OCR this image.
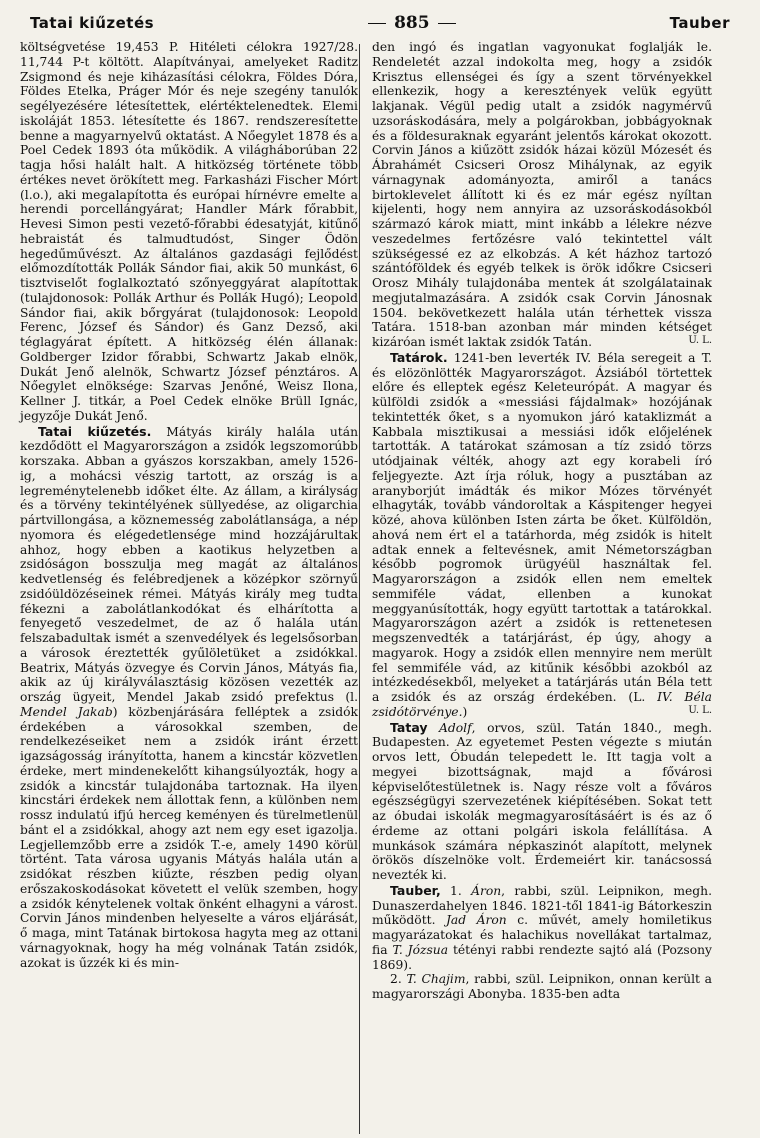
Tatai kiűzetés	885	Tauber

költségvetése 19,453 P. Hitéleti célokra 1927/28. 11,744 P-t költött. Alapítványai, amelyeket Raditz Zsigmond és neje kiházasítási célokra, Földes Dóra, Földes Etelka, Práger Mór és neje szegény tanulók segélyezésére létesítettek, elértéktelenedtek. Elemi iskoláját 1853. létesítette és 1867. rendszeresítette benne a magyarnyelvű oktatást. A Nőegylet 1878 és a Poel Cedek 1893 óta működik. A világháborúban 22 tagja hősi halált halt. A hitközség története több értékes nevet örökített meg. Farkasházi Fischer Mórt (l.o.), aki megalapította és európai hírnévre emelte a herendi porcellángyárat; Handler Márk főrabbit, Hevesi Simon pesti vezető-főrabbi édesatyját, kitűnő hebraistát és talmudtudóst, Singer Ödön hegedűművészt. Az általános gazdasági fejlődést előmozdították Pollák Sándor fiai, akik 50 munkást, 6 tisztviselőt foglalkoztató szőnyeggyárat alapítottak (tulajdonosok: Pollák Arthur és Pollák Hugó); Leopold Sándor fiai, akik bőrgyárat (tulajdonosok: Leopold Ferenc, József és Sándor) és Ganz Dezső, aki téglagyárat épített. A hitközség élén állanak: Goldberger Izidor főrabbi, Schwartz Jakab elnök, Dukát Jenő alelnök, Schwartz József pénztáros. A Nőegylet elnöksége: Szarvas Jenőné, Weisz Ilona, Kellner J. titkár, a Poel Cedek elnöke Brüll Ignác, jegyzője Dukát Jenő.

Tatai kiűzetés. Mátyás király halála után kezdődött el Magyarországon a zsidók legszomorúbb korszaka. Abban a gyászos korszakban, amely 1526-ig, a mohácsi vészig tartott, az ország is a legreménytelenebb időket élte. Az állam, a királyság és a törvény tekintélyének süllyedése, az oligarchia pártvillongása, a köznemesség zabolátlansága, a nép nyomora és elégedetlensége mind hozzájárultak ahhoz, hogy ebben a kaotikus helyzetben a zsidóságon bosszulja meg magát az általános kedvetlenség és felébredjenek a középkor szörnyű zsidóüldözéseinek rémei. Mátyás király meg tudta fékezni a zabolátlankodókat és elhárította a fenyegető veszedelmet, de az ő halála után felszabadultak ismét a szenvedélyek és legelsősorban a városok éreztették gyűlöletüket a zsidókkal. Beatrix, Mátyás özvegye és Corvin János, Mátyás fia, akik az új királyválasztásig közösen vezették az ország ügyeit, Mendel Jakab zsidó prefektus (l. Mendel Jakab) közbenjárására felléptek a zsidók érdekében a városokkal szemben, de rendelkezéseiket nem a zsidók iránt érzett igazságosság irányította, hanem a kincstár közvetlen érdeke, mert mindenekelőtt kihangsúlyozták, hogy a zsidók a kincstár tulajdonába tartoznak. Ha ilyen kincstári érdekek nem állottak fenn, a különben nem rossz indulatú ifjú herceg keményen és türelmetlenül bánt el a zsidókkal, ahogy azt nem egy eset igazolja. Legjellemzőbb erre a zsidók T.-e, amely 1490 körül történt. Tata városa ugyanis Mátyás halála után a zsidókat részben kiűzte, részben pedig olyan erőszakoskodásokat követett el velük szemben, hogy a zsidók kénytelenek voltak önként elhagyni a várost. Corvin János mindenben helyeselte a város eljárását, ő maga, mint Tatának birtokosa hagyta meg az ottani várnagyoknak, hogy ha még volnának Tatán zsidók, azokat is űzzék ki és min-

den ingó és ingatlan vagyonukat foglalják le. Rendeletét azzal indokolta meg, hogy a zsidók Krisztus ellenségei és így a szent törvényekkel ellenkezik, hogy a keresztények velük együtt lakjanak. Végül pedig utalt a zsidók nagymérvű uzsoráskodására, mely a polgárokban, jobbágyoknak és a földesuraknak egyaránt jelentős károkat okozott. Corvin János a kiűzött zsidók házai közül Mózesét és Ábrahámét Csicseri Orosz Mihálynak, az egyik várnagynak adományozta, amiről a tanács birtoklevelet állított ki és ez már egész nyíltan kijelenti, hogy nem annyira az uzsoráskodásokból származó károk miatt, mint inkább a lélekre nézve veszedelmes fertőzésre való tekintettel vált szükségessé ez az elkobzás. A két házhoz tartozó szántóföldek és egyéb telkek is örök időkre Csicseri Orosz Mihály tulajdonába mentek át szolgálatainak megjutalmazására. A zsidók csak Corvin Jánosnak 1504. bekövetkezett halála után térhettek vissza Tatára. 1518-ban azonban már minden kétséget kizáróan ismét laktak zsidók Tatán.	U. L.

Tatárok. 1241-ben leverték IV. Béla seregeit a T. és elözönlötték Magyarországot. Ázsiából törtettek előre és elleptek egész Keleteurópát. A magyar és külföldi zsidók a «messiási fájdalmak» hozójának tekintették őket, s a nyomukon járó kataklizmát a Kabbala misztikusai a messiási idők előjelének tartották. A tatárokat számosan a tíz zsidó törzs utódjainak vélték, ahogy azt egy korabeli író feljegyezte. Azt írja róluk, hogy a pusztában az aranyborjút imádták és mikor Mózes törvényét elhagyták, tovább vándoroltak a Káspitenger hegyei közé, ahova különben Isten zárta be őket. Külföldön, ahová nem ért el a tatárhorda, még zsidók is hitelt adtak ennek a feltevésnek, amit Németországban később pogromok ürügyéül használtak fel. Magyarországon a zsidók ellen nem emeltek semmiféle vádat, ellenben a kunokat meggyanúsították, hogy együtt tartottak a tatárokkal. Magyarországon azért a zsidók is rettenetesen megszenvedték a tatárjárást, ép úgy, ahogy a magyarok. Hogy a zsidók ellen mennyire nem merült fel semmiféle vád, az kitűnik későbbi azokból az intézkedésekből, melyeket a tatárjárás után Béla tett a zsidók és az ország érdekében. (L. IV. Béla zsidótörvénye.)	U. L.

Tatay Adolf, orvos, szül. Tatán 1840., megh. Budapesten. Az egyetemet Pesten végezte s miután orvos lett, Óbudán telepedett le. Itt tagja volt a megyei bizottságnak, majd a fővárosi képviselőtestületnek is. Nagy része volt a főváros egészségügyi szervezetének kiépítésében. Sokat tett az óbudai iskolák megmagyarosításáért is és az ő érdeme az ottani polgári iskola felállítása. A munkások számára népkaszinót alapított, melynek örökös díszelnöke volt. Érdemeiért kir. tanácsossá nevezték ki.

Tauber, 1. Áron, rabbi, szül. Leipnikon, megh. Dunaszerdahelyen 1846. 1821-től 1841-ig Bátorkeszin működött. Jad Áron c. művét, amely homiletikus magyarázatokat és halachikus novellákat tartalmaz, fia T. Józsua tétényi rabbi rendezte sajtó alá (Pozsony 1869).

2. T. Chajim, rabbi, szül. Leipnikon, onnan került a magyarországi Abonyba. 1835-ben adta
